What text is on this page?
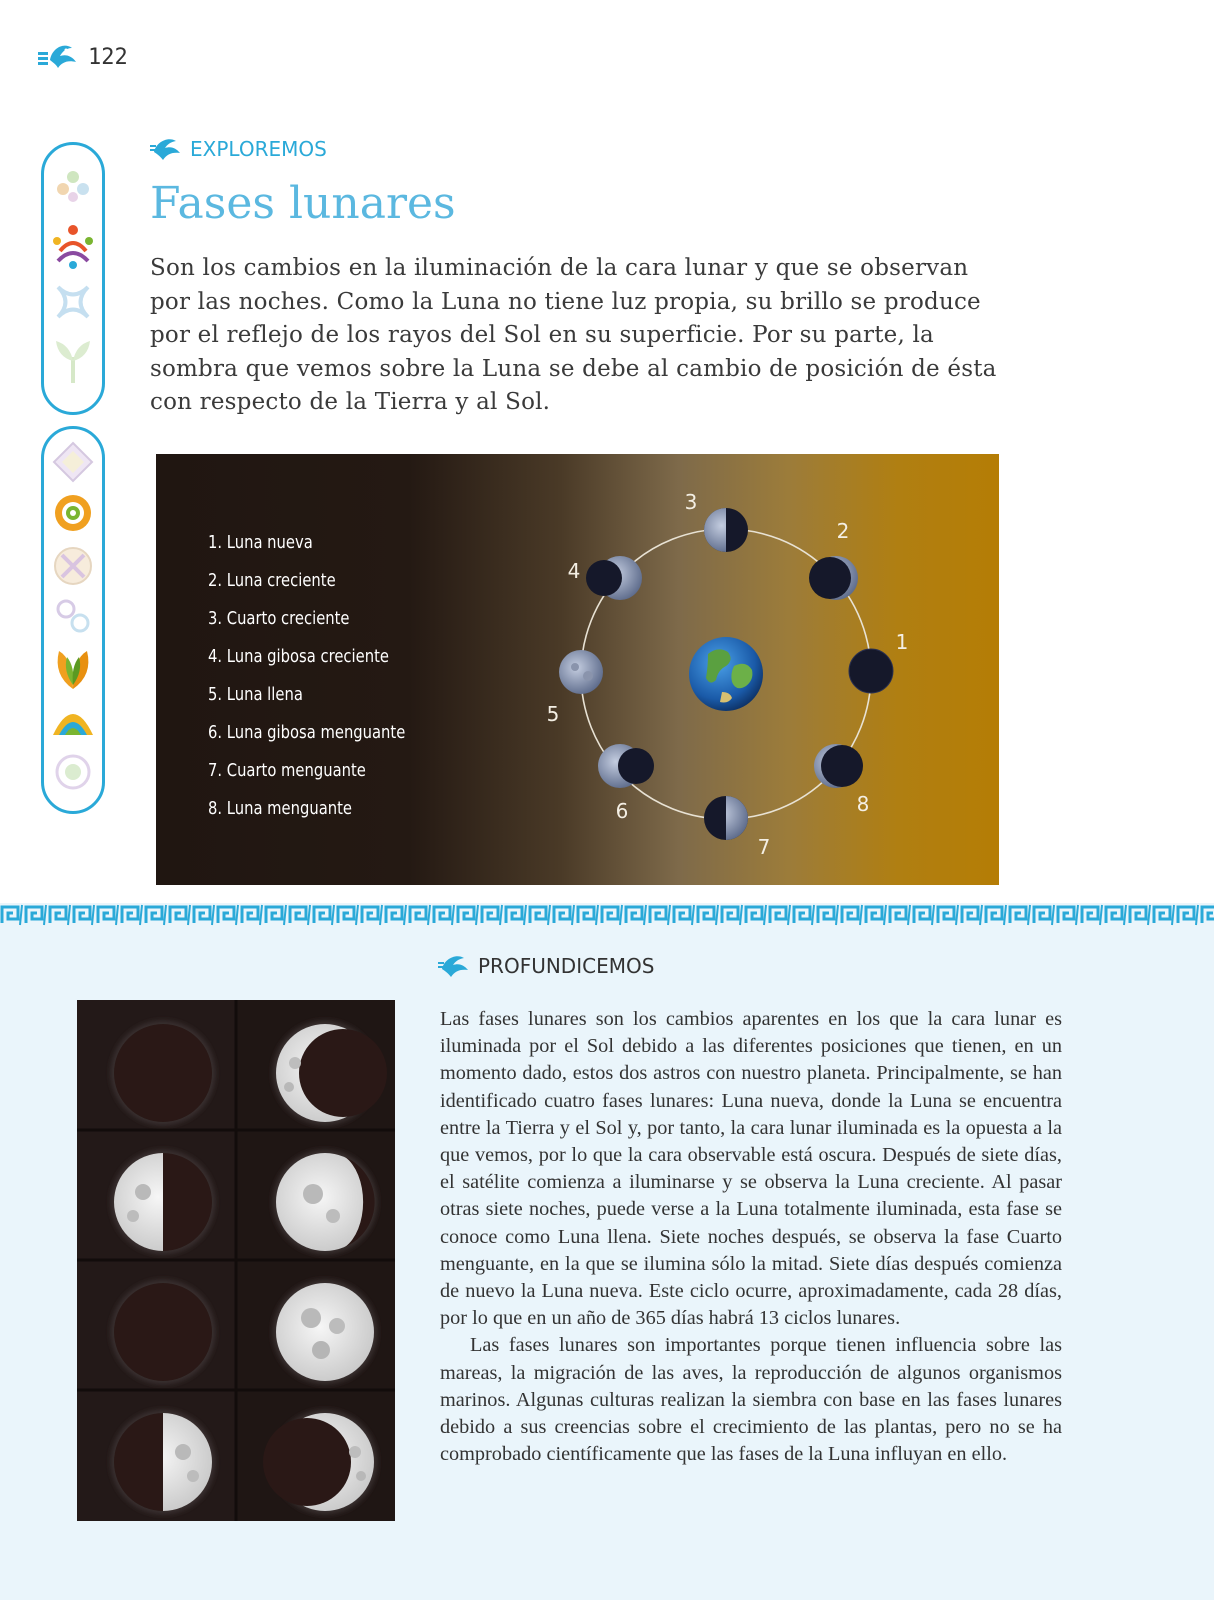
122
EXPLOREMOS
Fases lunares

Son los cambios en la iluminación de la cara lunar y que se observan por las noches. Como la Luna no tiene luz propia, su brillo se produce por el reflejo de los rayos del Sol en su superficie. Por su parte, la sombra que vemos sobre la Luna se debe al cambio de posición de ésta con respecto de la Tierra y al Sol.

1. Luna nueva
2. Luna creciente
3. Cuarto creciente
4. Luna gibosa creciente
5. Luna llena
6. Luna gibosa menguante
7. Cuarto menguante
8. Luna menguante
1
2
3
4
5
6
7
8
PROFUNDICEMOS

Las fases lunares son los cambios aparentes en los que la cara lunar es iluminada por el Sol debido a las diferentes posiciones que tienen, en un momento dado, estos dos astros con nuestro planeta. Principalmente, se han identificado cuatro fases lunares: Luna nueva, donde la Luna se encuentra entre la Tierra y el Sol y, por tanto, la cara lunar iluminada es la opuesta a la que vemos, por lo que la cara observable está oscura. Después de siete días, el satélite comienza a iluminarse y se observa la Luna creciente. Al pasar otras siete noches, puede verse a la Luna totalmente iluminada, esta fase se conoce como Luna llena. Siete noches después, se observa la fase Cuarto menguante, en la que se ilumina sólo la mitad. Siete días después comienza de nuevo la Luna nueva. Este ciclo ocurre, aproximadamente, cada 28 días, por lo que en un año de 365 días habrá 13 ciclos lunares.

Las fases lunares son importantes porque tienen influencia sobre las mareas, la migración de las aves, la reproducción de algunos organismos marinos. Algunas culturas realizan la siembra con base en las fases lunares debido a sus creencias sobre el crecimiento de las plantas, pero no se ha comprobado científicamente que las fases de la Luna influyan en ello.
